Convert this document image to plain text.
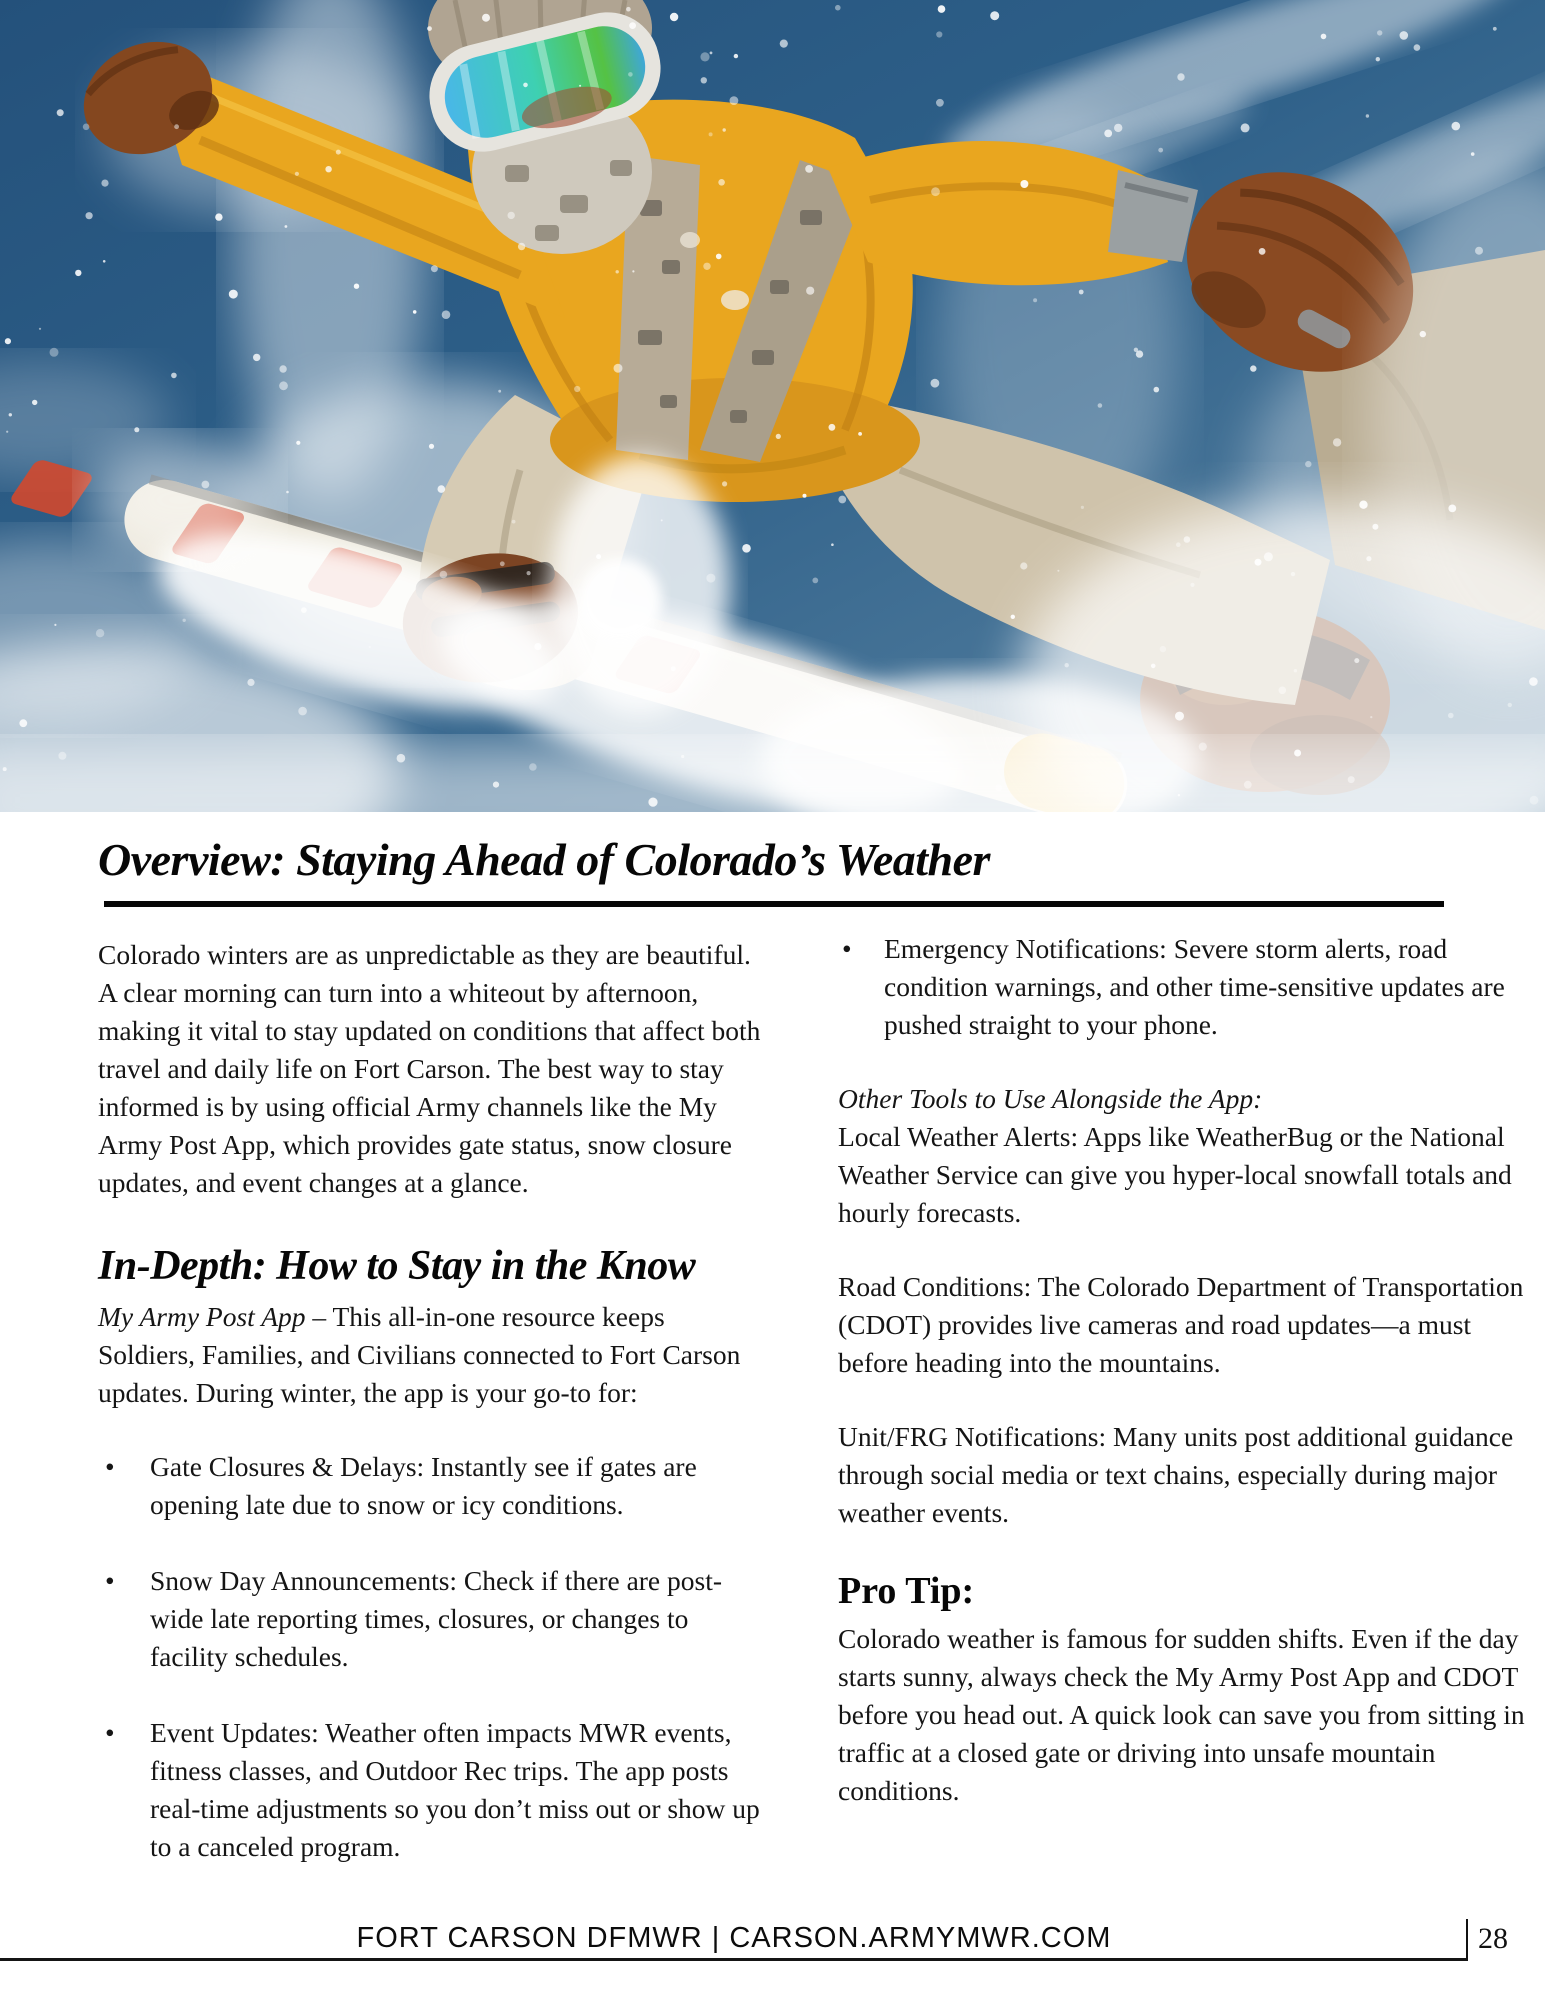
Overview: Staying Ahead of Colorado’s Weather

Colorado winters are as unpredictable as they are beautiful. A clear morning can turn into a whiteout by afternoon, making it vital to stay updated on conditions that affect both travel and daily life on Fort Carson. The best way to stay informed is by using official Army channels like the My Army Post App, which provides gate status, snow closure updates, and event changes at a glance.

In-Depth: How to Stay in the Know

My Army Post App – This all-in-one resource keeps Soldiers, Families, and Civilians connected to Fort Carson updates. During winter, the app is your go-to for:

• Gate Closures & Delays: Instantly see if gates are opening late due to snow or icy conditions.
• Snow Day Announcements: Check if there are post-wide late reporting times, closures, or changes to facility schedules.
• Event Updates: Weather often impacts MWR events, fitness classes, and Outdoor Rec trips. The app posts real-time adjustments so you don’t miss out or show up to a canceled program.
• Emergency Notifications: Severe storm alerts, road condition warnings, and other time-sensitive updates are pushed straight to your phone.

Other Tools to Use Alongside the App:

Local Weather Alerts: Apps like WeatherBug or the National Weather Service can give you hyper-local snowfall totals and hourly forecasts.

Road Conditions: The Colorado Department of Transportation (CDOT) provides live cameras and road updates—a must before heading into the mountains.

Unit/FRG Notifications: Many units post additional guidance through social media or text chains, especially during major weather events.

Pro Tip:

Colorado weather is famous for sudden shifts. Even if the day starts sunny, always check the My Army Post App and CDOT before you head out. A quick look can save you from sitting in traffic at a closed gate or driving into unsafe mountain conditions.

FORT CARSON DFMWR | CARSON.ARMYMWR.COM	28
